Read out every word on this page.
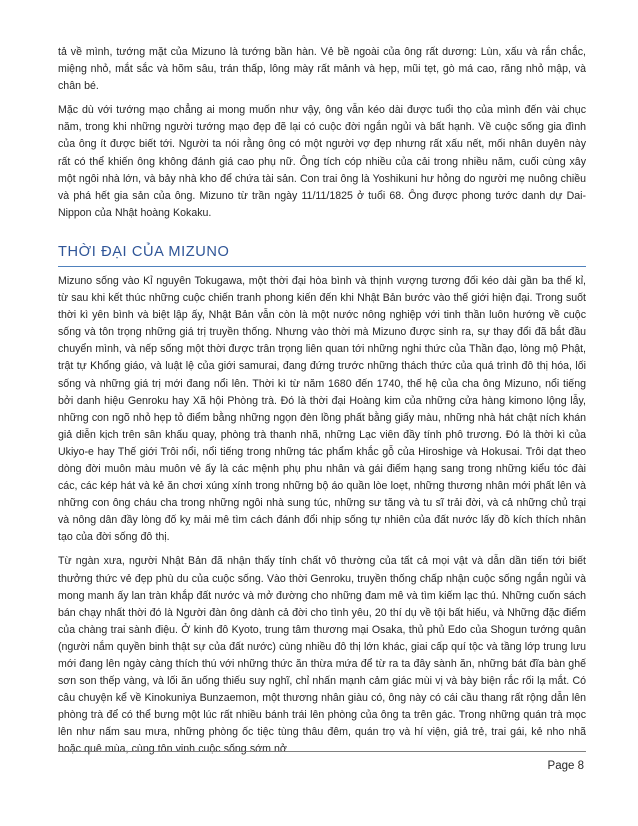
tả về mình, tướng mặt của Mizuno là tướng bần hàn. Vẻ bề ngoài của ông rất dương: Lùn, xấu và rắn chắc, miệng nhỏ, mắt sắc và hõm sâu, trán thấp, lông mày rất mảnh và hẹp, mũi tẹt, gò má cao, răng nhỏ mập, và chân bé.

Mặc dù với tướng mạo chẳng ai mong muốn như vậy, ông vẫn kéo dài được tuổi thọ của mình đến vài chục năm, trong khi những người tướng mạo đẹp đẽ lại có cuộc đời ngắn ngủi và bất hạnh. Về cuộc sống gia đình của ông ít được biết tới. Người ta nói rằng ông có một người vợ đẹp nhưng rất xấu nết, mối nhân duyên này rất có thể khiến ông không đánh giá cao phụ nữ. Ông tích cóp nhiều của cải trong nhiều năm, cuối cùng xây một ngôi nhà lớn, và bảy nhà kho để chứa tài sản. Con trai ông là Yoshikuni hư hỏng do người mẹ nuông chiều và phá hết gia sản của ông. Mizuno từ trần ngày 11/11/1825 ở tuổi 68. Ông được phong tước danh dự Dai-Nippon của Nhật hoàng Kokaku.

THỜI ĐẠI CỦA MIZUNO

Mizuno sống vào Kỉ nguyên Tokugawa, một thời đại hòa bình và thịnh vượng tương đối kéo dài gần ba thế kỉ, từ sau khi kết thúc những cuộc chiến tranh phong kiến đến khi Nhật Bản bước vào thế giới hiện đại. Trong suốt thời kì yên bình và biệt lập ấy, Nhật Bản vẫn còn là một nước nông nghiệp với tinh thần luôn hướng về cuộc sống và tôn trọng những giá trị truyền thống. Nhưng vào thời mà Mizuno được sinh ra, sự thay đổi đã bắt đầu chuyển mình, và nếp sống một thời được trân trọng liên quan tới những nghi thức của Thần đạo, lòng mộ Phật, trật tự Khổng giáo, và luật lệ của giới samurai, đang đứng trước những thách thức của quá trình đô thị hóa, lối sống và những giá trị mới đang nổi lên. Thời kì từ năm 1680 đến 1740, thế hệ của cha ông Mizuno, nổi tiếng bởi danh hiệu Genroku hay Xã hội Phòng trà. Đó là thời đại Hoàng kim của những cửa hàng kimono lộng lẫy, những con ngõ nhỏ hẹp tỏ điểm bằng những ngọn đèn lồng phất bằng giấy màu, những nhà hát chật ních khán giả diễn kịch trên sân khấu quay, phòng trà thanh nhã, những Lạc viên đầy tính phô trương. Đó là thời kì của Ukiyo-e hay Thế giới Trôi nổi, nổi tiếng trong những tác phẩm khắc gỗ của Hiroshige và Hokusai. Trôi dạt theo dòng đời muôn màu muôn vẻ ấy là các mệnh phụ phu nhân và gái điếm hạng sang trong những kiểu tóc đài các, các kép hát và kẻ ăn chơi xúng xính trong những bộ áo quần lòe loẹt, những thương nhân mới phất lên và những con ông cháu cha trong những ngôi nhà sung túc, những sư tăng và tu sĩ trải đời, và cả những chủ trại và nông dân đầy lòng đố kỵ mải mê tìm cách đánh đổi nhịp sống tự nhiên của đất nước lấy đồ kích thích nhân tạo của đời sống đô thị.

Từ ngàn xưa, người Nhật Bản đã nhận thấy tính chất vô thường của tất cả mọi vật và dẫn dần tiến tới biết thưởng thức vẻ đẹp phù du của cuộc sống. Vào thời Genroku, truyền thống chấp nhận cuộc sống ngắn ngủi và mong manh ấy lan tràn khắp đất nước và mở đường cho những đam mê và tìm kiếm lạc thú. Những cuốn sách bán chạy nhất thời đó là Người đàn ông dành cả đời cho tình yêu, 20 thí dụ về tội bất hiếu, và Những đặc điểm của chàng trai sành điệu. Ở kinh đô Kyoto, trung tâm thương mại Osaka, thủ phủ Edo của Shogun tướng quân (người nắm quyền binh thật sự của đất nước) cùng nhiều đô thị lớn khác, giai cấp quí tộc và tầng lớp trung lưu mới đang lên ngày càng thích thú với những thức ăn thừa mứa để từ ra ta đây sành ăn, những bát đĩa bàn ghế sơn son thếp vàng, và lối ăn uống thiếu suy nghĩ, chỉ nhấn mạnh cảm giác mùi vị và bày biện rắc rối lạ mắt. Có câu chuyện kể về Kinokuniya Bunzaemon, một thương nhân giàu có, ông này có cái cầu thang rất rộng dẫn lên phòng trà để có thể bưng một lúc rất nhiều bánh trái lên phòng của ông ta trên gác. Trong những quán trà mọc lên như nấm sau mưa, những phòng ốc tiệc tùng thâu đêm, quán trọ và hí viện, giả trẻ, trai gái, kẻ nho nhã hoặc quê mùa, cùng tôn vinh cuộc sống sớm nở

Page 8
